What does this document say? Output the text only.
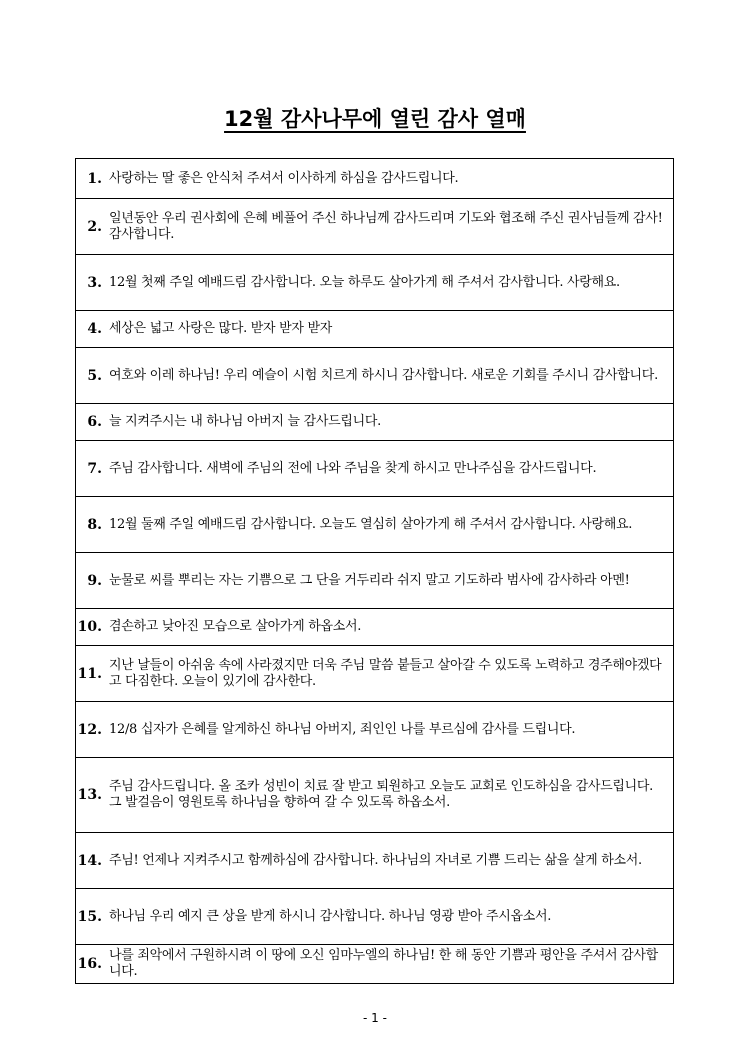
12월 감사나무에 열린 감사 열매
1. 사랑하는 딸 좋은 안식처 주셔서 이사하게 하심을 감사드립니다.
2.
일년동안 우리 권사회에 은혜 베풀어 주신 하나님께 감사드리며 기도와 협조해 주신 권사님들께 감사! 감사합니다.
3. 12월 첫째 주일 예배드림 감사합니다. 오늘 하루도 살아가게 해 주셔서 감사합니다. 사랑해요.
4. 세상은 넓고 사랑은 많다. 받자 받자 받자
5. 여호와 이레 하나님! 우리 예슬이 시험 치르게 하시니 감사합니다. 새로운 기회를 주시니 감사합니다.
6. 늘 지켜주시는 내 하나님 아버지 늘 감사드립니다.
7. 주님 감사합니다. 새벽에 주님의 전에 나와 주님을 찾게 하시고 만나주심을 감사드립니다.
8. 12월 둘째 주일 예배드림 감사합니다. 오늘도 열심히 살아가게 해 주셔서 감사합니다. 사랑해요.
9. 눈물로 씨를 뿌리는 자는 기쁨으로 그 단을 거두리라 쉬지 말고 기도하라 범사에 감사하라 아멘!
10. 겸손하고 낮아진 모습으로 살아가게 하옵소서.
11.
지난 날들이 아쉬움 속에 사라졌지만 더욱 주님 말씀 붙들고 살아갈 수 있도록 노력하고 경주해야겠다고 다짐한다. 오늘이 있기에 감사한다.
12. 12/8 십자가 은혜를 알게하신 하나님 아버지, 죄인인 나를 부르심에 감사를 드립니다.
13.
주님 감사드립니다. 올 조카 성빈이 치료 잘 받고 퇴원하고 오늘도 교회로 인도하심을 감사드립니다. 그 발걸음이 영원토록 하나님을 향하여 갈 수 있도록 하옵소서.
14. 주님! 언제나 지켜주시고 함께하심에 감사합니다. 하나님의 자녀로 기쁨 드리는 삶을 살게 하소서.
15. 하나님 우리 예지 큰 상을 받게 하시니 감사합니다. 하나님 영광 받아 주시옵소서.
16.
나를 죄악에서 구원하시려 이 땅에 오신 임마누엘의 하나님! 한 해 동안 기쁨과 평안을 주셔서 감사합니다.
- 1 -
